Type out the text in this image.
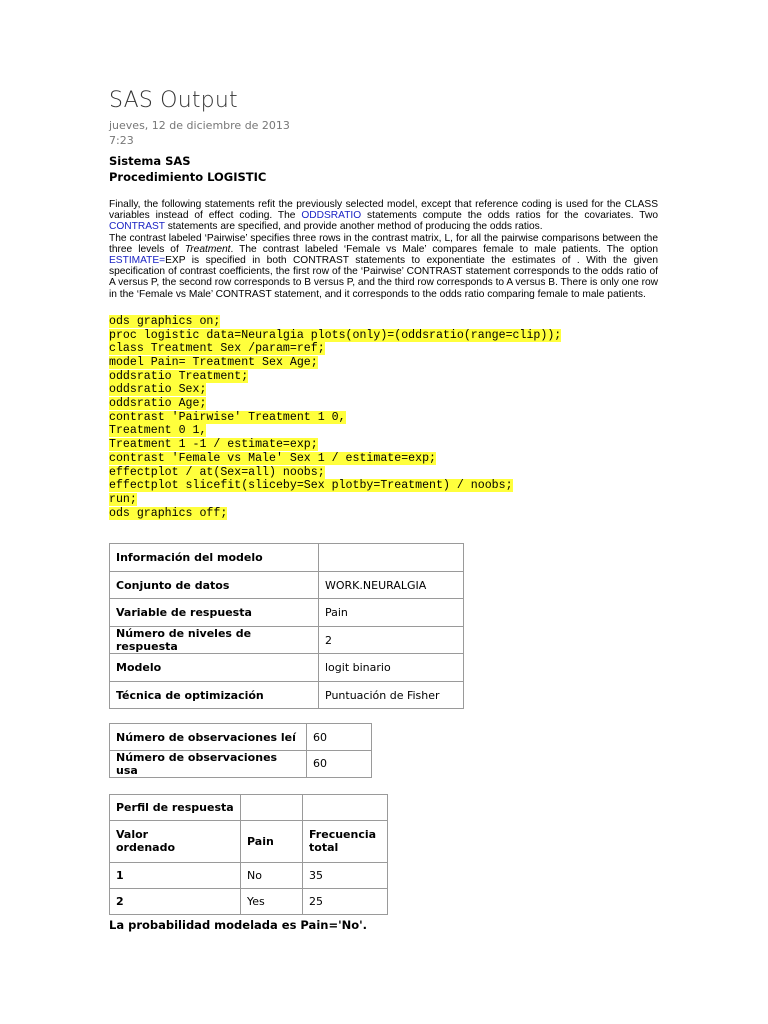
SAS Output
jueves, 12 de diciembre de 2013
7:23
Sistema SAS
Procedimiento LOGISTIC

Finally, the following statements refit the previously selected model, except that reference coding is used for the CLASS variables instead of effect coding. The ODDSRATIO statements compute the odds ratios for the covariates. Two CONTRAST statements are specified, and provide another method of producing the odds ratios.

The contrast labeled ‘Pairwise’ specifies three rows in the contrast matrix, L, for all the pairwise comparisons between the three levels of Treatment. The contrast labeled ‘Female vs Male’ compares female to male patients. The option ESTIMATE=EXP is specified in both CONTRAST statements to exponentiate the estimates of . With the given specification of contrast coefficients, the first row of the ‘Pairwise’ CONTRAST statement corresponds to the odds ratio of A versus P, the second row corresponds to B versus P, and the third row corresponds to A versus B. There is only one row in the ‘Female vs Male’ CONTRAST statement, and it corresponds to the odds ratio comparing female to male patients.

ods graphics on;
proc logistic data=Neuralgia plots(only)=(oddsratio(range=clip));
class Treatment Sex /param=ref;
model Pain= Treatment Sex Age;
oddsratio Treatment;
oddsratio Sex;
oddsratio Age;
contrast 'Pairwise' Treatment 1 0,
Treatment 0 1,
Treatment 1 -1 / estimate=exp;
contrast 'Female vs Male' Sex 1 / estimate=exp;
effectplot / at(Sex=all) noobs;
effectplot slicefit(sliceby=Sex plotby=Treatment) / noobs;
run;
ods graphics off;
Información del modelo	
Conjunto de datos	WORK.NEURALGIA
Variable de respuesta	Pain
Número de niveles de respuesta	2
Modelo	logit binario
Técnica de optimización	Puntuación de Fisher
Número de observaciones leí	60
Número de observaciones usa	60
Perfil de respuesta		
Valor
ordenado	Pain	Frecuencia
total
1	No	35
2	Yes	25
La probabilidad modelada es Pain='No'.
